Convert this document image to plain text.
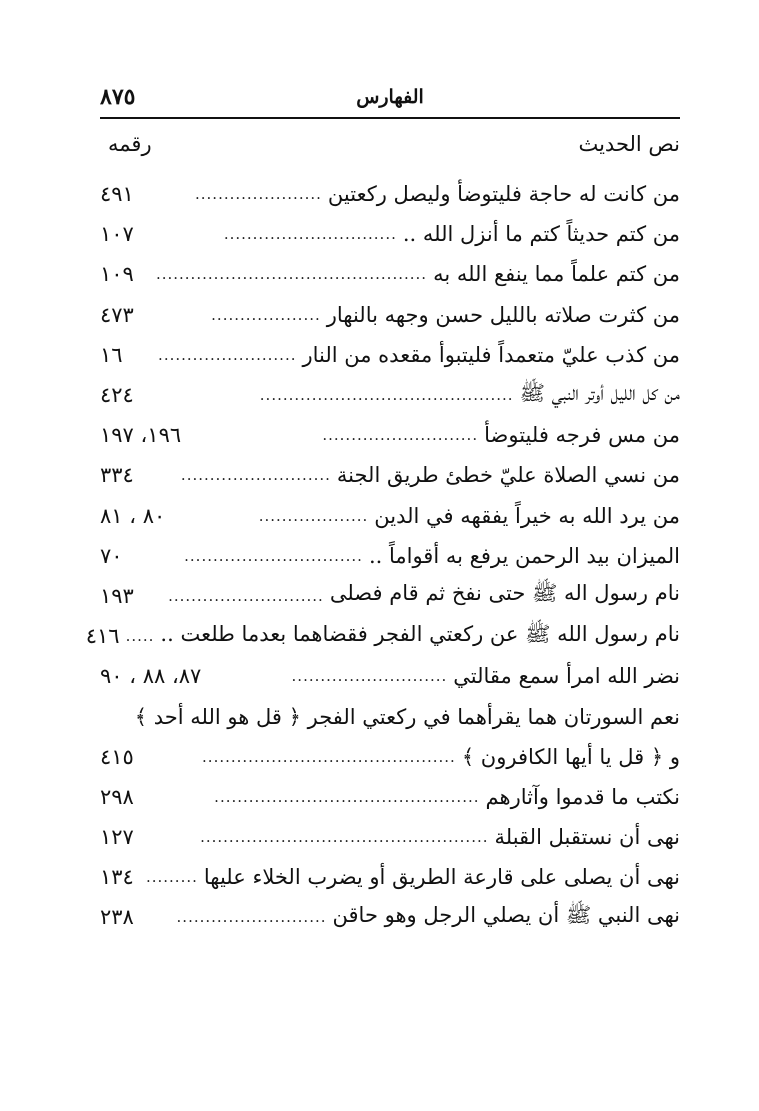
الفهارس
٨٧٥
نص الحديث
رقمه
من كانت له حاجة فليتوضأ وليصل ركعتين
......................
٤٩١
من كتم حديثاً كتم ما أنزل الله ..
..............................
١٠٧
من كتم علماً مما ينفع الله به
...............................................
١٠٩
من كثرت صلاته بالليل حسن وجهه بالنهار
...................
٤٧٣
من كذب عليّ متعمداً فليتبوأ مقعده من النار
........................
١٦
من كل الليل أوتر النبي ﷺ
............................................
٤٢٤
من مس فرجه فليتوضأ
...........................
١٩٦، ١٩٧
من نسي الصلاة عليّ خطئ طريق الجنة
..........................
٣٣٤
من يرد الله به خيراً يفقهه في الدين
...................
٨٠ ، ٨١
الميزان بيد الرحمن يرفع به أقواماً ..
...............................
٧٠
نام رسول اله ﷺ حتى نفخ ثم قام فصلى
...........................
١٩٣
نام رسول الله ﷺ عن ركعتي الفجر فقضاهما بعدما طلعت ..
.....
٤١٦
نضر الله امرأ سمع مقالتي
...........................
٨٧، ٨٨ ، ٩٠
نعم السورتان هما يقرأهما في ركعتي الفجر ﴿ قل هو الله أحد ﴾
و ﴿ قل يا أيها الكافرون ﴾
............................................
٤١٥
نكتب ما قدموا وآثارهم
..............................................
٢٩٨
نهى أن نستقبل القبلة
..................................................
١٢٧
نهى أن يصلى على قارعة الطريق أو يضرب الخلاء عليها
.........
١٣٤
نهى النبي ﷺ أن يصلي الرجل وهو حاقن
..........................
٢٣٨
